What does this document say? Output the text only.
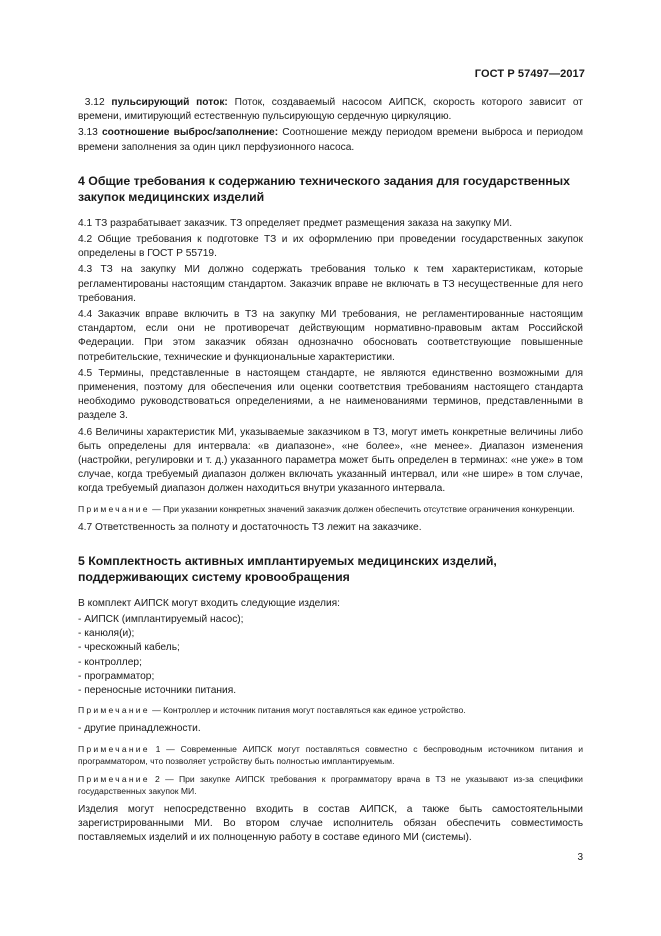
ГОСТ Р 57497—2017

3.12 пульсирующий поток: Поток, создаваемый насосом АИПСК, скорость которого зависит от времени, имитирующий естественную пульсирующую сердечную циркуляцию.

3.13 соотношение выброс/заполнение: Соотношение между периодом времени выброса и периодом времени заполнения за один цикл перфузионного насоса.

4 Общие требования к содержанию технического задания для государственных закупок медицинских изделий

4.1 ТЗ разрабатывает заказчик. ТЗ определяет предмет размещения заказа на закупку МИ.

4.2 Общие требования к подготовке ТЗ и их оформлению при проведении государственных закупок определены в ГОСТ Р 55719.

4.3 ТЗ на закупку МИ должно содержать требования только к тем характеристикам, которые регламентированы настоящим стандартом. Заказчик вправе не включать в ТЗ несущественные для него требования.

4.4 Заказчик вправе включить в ТЗ на закупку МИ требования, не регламентированные настоящим стандартом, если они не противоречат действующим нормативно-правовым актам Российской Федерации. При этом заказчик обязан однозначно обосновать соответствующие повышенные потребительские, технические и функциональные характеристики.

4.5 Термины, представленные в настоящем стандарте, не являются единственно возможными для применения, поэтому для обеспечения или оценки соответствия требованиям настоящего стандарта необходимо руководствоваться определениями, а не наименованиями терминов, представленными в разделе 3.

4.6 Величины характеристик МИ, указываемые заказчиком в ТЗ, могут иметь конкретные величины либо быть определены для интервала: «в диапазоне», «не более», «не менее». Диапазон изменения (настройки, регулировки и т. д.) указанного параметра может быть определен в терминах: «не уже» в том случае, когда требуемый диапазон должен включать указанный интервал, или «не шире» в том случае, когда требуемый диапазон должен находиться внутри указанного интервала.

Примечание — При указании конкретных значений заказчик должен обеспечить отсутствие ограничения конкуренции.

4.7 Ответственность за полноту и достаточность ТЗ лежит на заказчике.

5 Комплектность активных имплантируемых медицинских изделий, поддерживающих систему кровообращения

В комплект АИПСК могут входить следующие изделия:

- АИПСК (имплантируемый насос);
- канюля(и);
- чрескожный кабель;
- контроллер;
- программатор;
- переносные источники питания.

Примечание — Контроллер и источник питания могут поставляться как единое устройство.

- другие принадлежности.

Примечание 1 — Современные АИПСК могут поставляться совместно с беспроводным источником питания и программатором, что позволяет устройству быть полностью имплантируемым.

Примечание 2 — При закупке АИПСК требования к программатору врача в ТЗ не указывают из-за специфики государственных закупок МИ.

Изделия могут непосредственно входить в состав АИПСК, а также быть самостоятельными зарегистрированными МИ. Во втором случае исполнитель обязан обеспечить совместимость поставляемых изделий и их полноценную работу в составе единого МИ (системы).

3
